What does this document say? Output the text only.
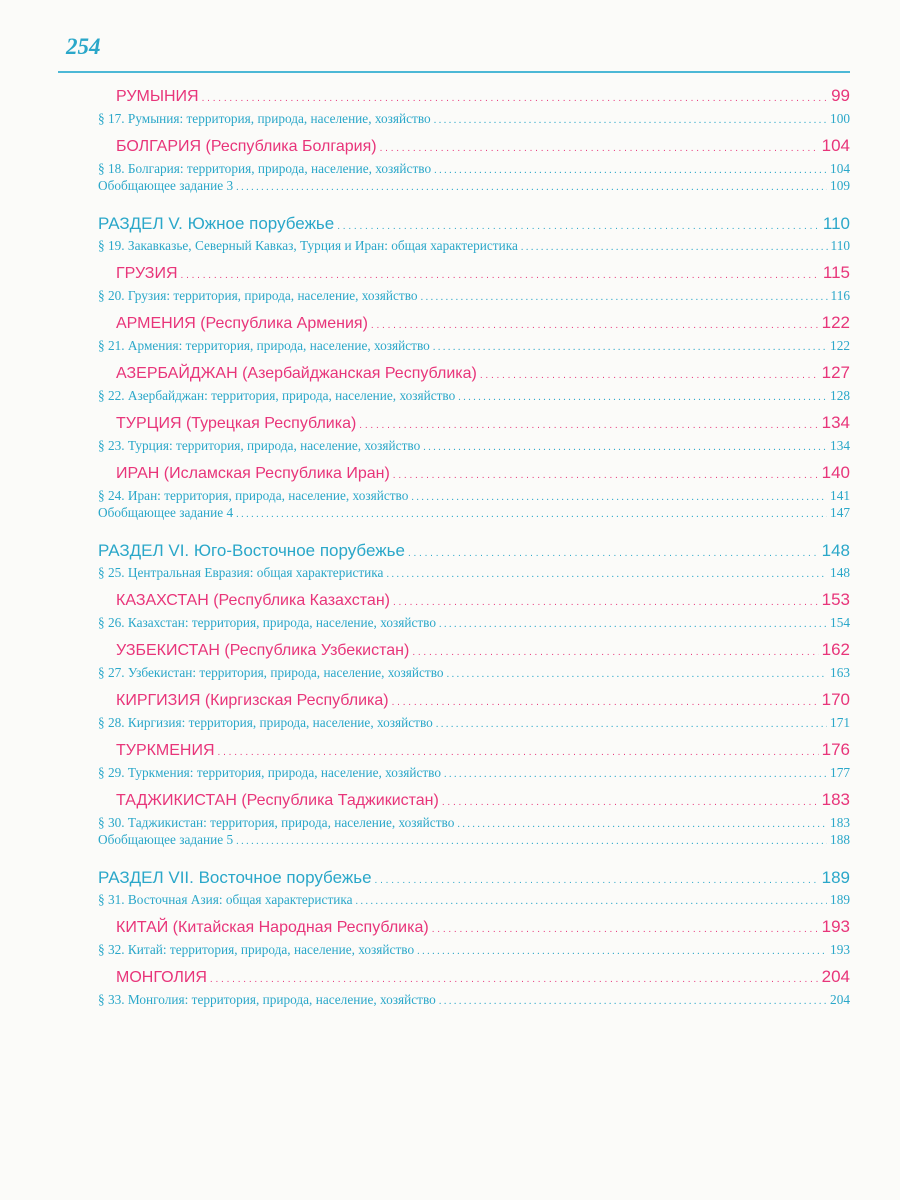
254
РУМЫНИЯ . . .	99
§ 17. Румыния: территория, природа, население, хозяйство . . .	100
БОЛГАРИЯ (Республика Болгария) . . .	104
§ 18. Болгария: территория, природа, население, хозяйство . . .	104
Обобщающее задание 3 . . .	109
РАЗДЕЛ V. Южное порубежье . . .	110
§ 19. Закавказье, Северный Кавказ, Турция и Иран: общая характеристика . . .	110
ГРУЗИЯ . . .	115
§ 20. Грузия: территория, природа, население, хозяйство . . .	116
АРМЕНИЯ (Республика Армения) . . .	122
§ 21. Армения: территория, природа, население, хозяйство . . .	122
АЗЕРБАЙДЖАН (Азербайджанская Республика) . . .	127
§ 22. Азербайджан: территория, природа, население, хозяйство . . .	128
ТУРЦИЯ (Турецкая Республика) . . .	134
§ 23. Турция: территория, природа, население, хозяйство . . .	134
ИРАН (Исламская Республика Иран) . . .	140
§ 24. Иран: территория, природа, население, хозяйство . . .	141
Обобщающее задание 4 . . .	147
РАЗДЕЛ VI. Юго-Восточное порубежье . . .	148
§ 25. Центральная Евразия: общая характеристика . . .	148
КАЗАХСТАН (Республика Казахстан) . . .	153
§ 26. Казахстан: территория, природа, население, хозяйство . . .	154
УЗБЕКИСТАН (Республика Узбекистан) . . .	162
§ 27. Узбекистан: территория, природа, население, хозяйство . . .	163
КИРГИЗИЯ (Киргизская Республика) . . .	170
§ 28. Киргизия: территория, природа, население, хозяйство . . .	171
ТУРКМЕНИЯ . . .	176
§ 29. Туркмения: территория, природа, население, хозяйство . . .	177
ТАДЖИКИСТАН (Республика Таджикистан) . . .	183
§ 30. Таджикистан: территория, природа, население, хозяйство . . .	183
Обобщающее задание 5 . . .	188
РАЗДЕЛ VII. Восточное порубежье . . .	189
§ 31. Восточная Азия: общая характеристика . . .	189
КИТАЙ (Китайская Народная Республика) . . .	193
§ 32. Китай: территория, природа, население, хозяйство . . .	193
МОНГОЛИЯ . . .	204
§ 33. Монголия: территория, природа, население, хозяйство . . .	204
